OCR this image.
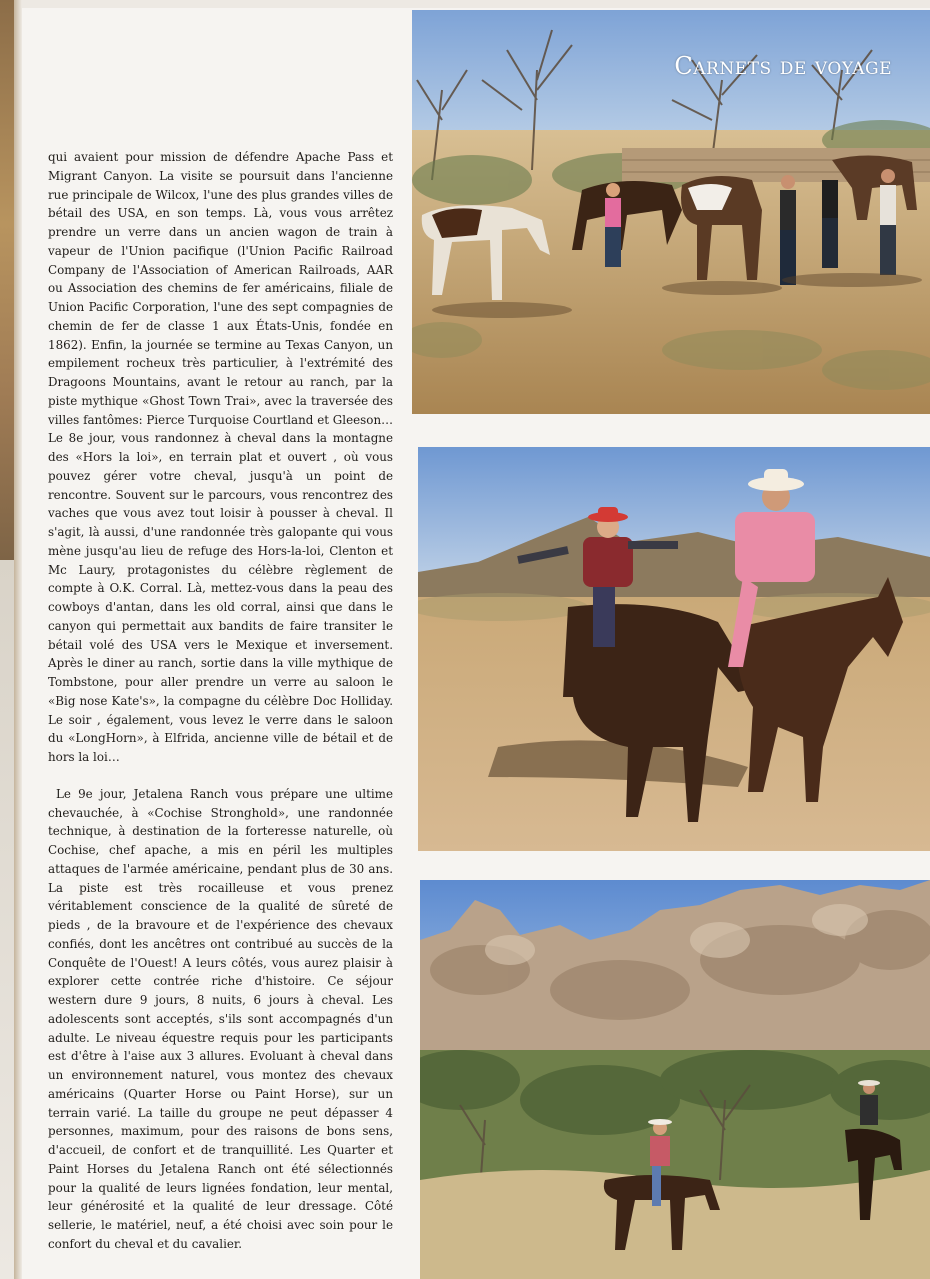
qui avaient pour mission de défendre Apache Pass et Migrant Canyon. La visite se poursuit dans l'ancienne rue principale de Wilcox, l'une des plus grandes villes de bétail des USA, en son temps. Là, vous vous arrêtez prendre un verre dans un ancien wagon de train à vapeur de l'Union pacifique (l'Union Pacific Railroad Company de l'Association of American Railroads, AAR ou Association des chemins de fer américains, filiale de Union Pacific Corporation, l'une des sept compagnies de chemin de fer de classe 1 aux États-Unis, fondée en 1862). Enfin, la journée se termine au Texas Canyon, un empilement rocheux très particulier, à l'extrémité des Dragoons Mountains, avant le retour au ranch, par la piste mythique «Ghost Town Trai», avec la traversée des villes fantômes: Pierce Turquoise Courtland et Gleeson… Le 8e jour, vous randonnez à cheval dans la montagne des «Hors la loi», en terrain plat et ouvert , où vous pouvez gérer votre cheval, jusqu'à un point de rencontre. Souvent sur le parcours, vous rencontrez des vaches que vous avez tout loisir à pousser à cheval. Il s'agit, là aussi, d'une randonnée très galopante qui vous mène jusqu'au lieu de refuge des Hors-la-loi, Clenton et Mc Laury, protagonistes du célèbre règlement de compte à O.K. Corral. Là, mettez-vous dans la peau des cowboys d'antan, dans les old corral, ainsi que dans le canyon qui permettait aux bandits de faire transiter le bétail volé des USA vers le Mexique et inversement. Après le diner au ranch, sortie dans la ville mythique de Tombstone, pour aller prendre un verre au saloon le «Big nose Kate's», la compagne du célèbre Doc Holliday. Le soir , également, vous levez le verre dans le saloon du «LongHorn», à Elfrida, ancienne ville de bétail et de hors la loi…

Le 9e jour, Jetalena Ranch vous prépare une ultime chevauchée, à «Cochise Stronghold», une randonnée technique, à destination de la forteresse naturelle, où Cochise, chef apache, a mis en péril les multiples attaques de l'armée américaine, pendant plus de 30 ans. La piste est très rocailleuse et vous prenez véritablement conscience de la qualité de sûreté de pieds , de la bravoure et de l'expérience des chevaux confiés, dont les ancêtres ont contribué au succès de la Conquête de l'Ouest! A leurs côtés, vous aurez plaisir à explorer cette contrée riche d'histoire. Ce séjour western dure 9 jours, 8 nuits, 6 jours à cheval. Les adolescents sont acceptés, s'ils sont accompagnés d'un adulte. Le niveau équestre requis pour les participants est d'être à l'aise aux 3 allures. Evoluant à cheval dans un environnement naturel, vous montez des chevaux américains (Quarter Horse ou Paint Horse), sur un terrain varié. La taille du groupe ne peut dépasser 4 personnes, maximum, pour des raisons de bons sens, d'accueil, de confort et de tranquillité. Les Quarter et Paint Horses du Jetalena Ranch ont été sélectionnés pour la qualité de leurs lignées fondation, leur mental, leur générosité et la qualité de leur dressage. Côté sellerie, le matériel, neuf, a été choisi avec soin pour le confort du cheval et du cavalier.

Carnets de voyage
